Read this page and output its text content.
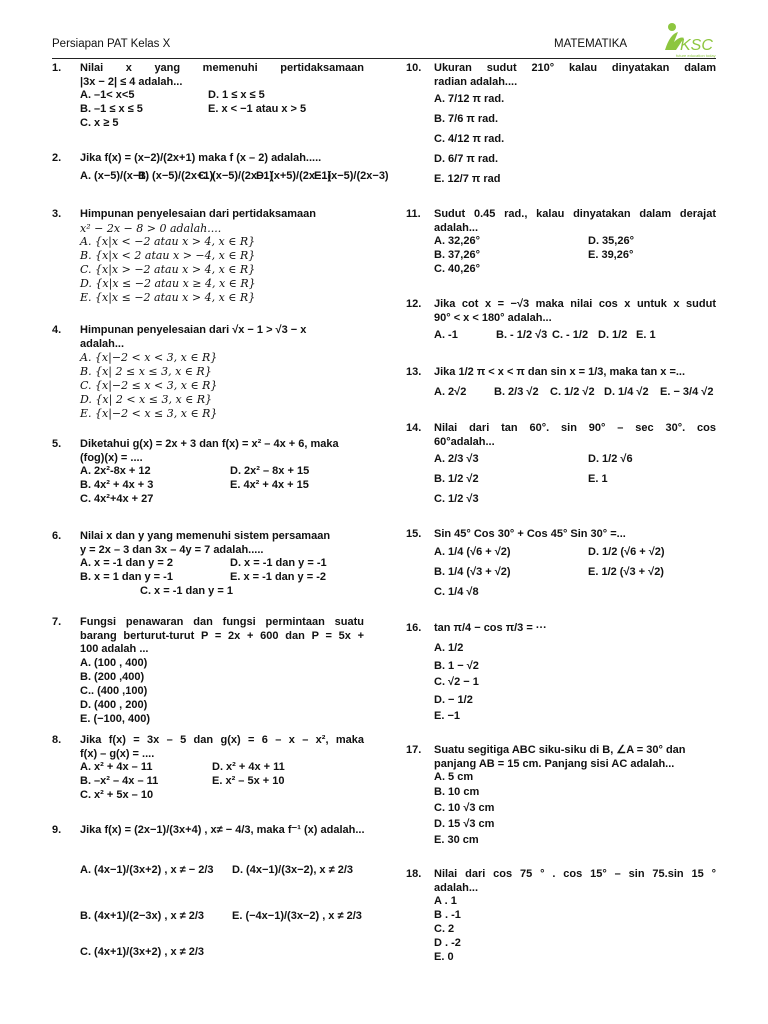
Persiapan PAT Kelas X	MATEMATIKA	KSC
future education today
1.	Nilai x yang memenuhi pertidaksamaan
|3x − 2| ≤ 4 adalah...
A. –1< x<5	D. 1 ≤ x ≤ 5
B. –1 ≤ x ≤ 5	E. x < −1 atau x > 5
C. x ≥ 5
2.	Jika f(x) = (x−2)/(2x+1) maka f (x – 2) adalah.....
A. (x−5)/(x−1)
B. (x−5)/(2x+1)
C. (x−5)/(2x−1)
D. (x+5)/(2x−1)
E. (x−5)/(2x−3)
3.	Himpunan penyelesaian dari pertidaksamaan
x² − 2x − 8 > 0 adalah....
A. {x|x < −2 atau x > 4, x ∈ R}
B. {x|x < 2 atau x > −4, x ∈ R}
C. {x|x > −2 atau x > 4, x ∈ R}
D. {x|x ≤ −2 atau x ≥ 4, x ∈ R}
E. {x|x ≤ −2 atau x > 4, x ∈ R}
4.	Himpunan penyelesaian dari √x − 1 > √3 − x
adalah...
A. {x|−2 < x < 3, x ∈ R}
B. {x| 2 ≤ x ≤ 3, x ∈ R}
C. {x|−2 ≤ x < 3, x ∈ R}
D. {x| 2 < x ≤ 3, x ∈ R}
E. {x|−2 < x ≤ 3, x ∈ R}
5.	Diketahui g(x) = 2x + 3 dan f(x) = x² – 4x + 6, maka
(fog)(x) = ....
A. 2x²-8x + 12	D. 2x² – 8x + 15
B. 4x² + 4x + 3	E. 4x² + 4x + 15
C. 4x²+4x + 27
6.	Nilai x dan y yang memenuhi sistem persamaan
y = 2x – 3 dan 3x – 4y = 7 adalah.....
A. x = -1 dan y = 2	D. x = -1 dan y = -1
B. x = 1 dan y = -1	E. x = -1 dan y = -2
C. x = -1 dan y = 1
7.	Fungsi penawaran dan fungsi permintaan suatu
barang berturut-turut P = 2x + 600 dan P = 5x +
100 adalah ...
A. (100 , 400)
B. (200 ,400)
C.. (400 ,100)
D. (400 , 200)
E. (−100, 400)
8.	Jika f(x) = 3x – 5 dan g(x) = 6 – x – x², maka
f(x) – g(x) = ....
A. x² + 4x – 11	D. x² + 4x + 11
B. –x² – 4x – 11	E. x² – 5x + 10
C. x² + 5x – 10
9.	Jika f(x) = (2x−1)/(3x+4) , x≠ − 4/3, maka f⁻¹ (x) adalah...
A. (4x−1)/(3x+2) , x ≠ − 2/3 D. (4x−1)/(3x−2), x ≠ 2/3
B. (4x+1)/(2−3x) , x ≠ 2/3	E. (−4x−1)/(3x−2) , x ≠ 2/3
C. (4x+1)/(3x+2) , x ≠ 2/3
10.	Ukuran sudut 210° kalau dinyatakan dalam
radian adalah....
A. 7/12 π rad.
B. 7/6 π rad.
C. 4/12 π rad.
D. 6/7 π rad.
E. 12/7 π rad
11.	Sudut 0.45 rad., kalau dinyatakan dalam derajat
adalah...
A. 32,26°	D. 35,26°
B. 37,26°	E. 39,26°
C. 40,26°
12.	Jika cot x = −√3 maka nilai cos x untuk x sudut
90° < x < 180° adalah...
A. -1	B. - 1/2 √3 C. - 1/2 D. 1/2 E. 1
13.	Jika 1/2 π < x < π dan sin x = 1/3, maka tan x =...
A. 2√2	B. 2/3 √2 C. 1/2 √2 D. 1/4 √2 E. − 3/4 √2
14.	Nilai dari tan 60°. sin 90° – sec 30°. cos
60°adalah...
A. 2/3 √3	D. 1/2 √6
B. 1/2 √2	E. 1
C. 1/2 √3
15.	Sin 45° Cos 30° + Cos 45° Sin 30° =...
A. 1/4 (√6 + √2)	D. 1/2 (√6 + √2)
B. 1/4 (√3 + √2)	E. 1/2 (√3 + √2)
C. 1/4 √8
16.	tan π/4 − cos π/3 = ···
A. 1/2
B. 1 − √2
C. √2 − 1
D. − 1/2
E. −1
17.	Suatu segitiga ABC siku-siku di B, ∠A = 30° dan
panjang AB = 15 cm. Panjang sisi AC adalah...
A. 5 cm
B. 10 cm
C. 10 √3 cm
D. 15 √3 cm
E. 30 cm
18.	Nilai dari cos 75 ° . cos 15° – sin 75.sin 15 °
adalah...
A . 1
B . -1
C. 2
D . -2
E. 0
